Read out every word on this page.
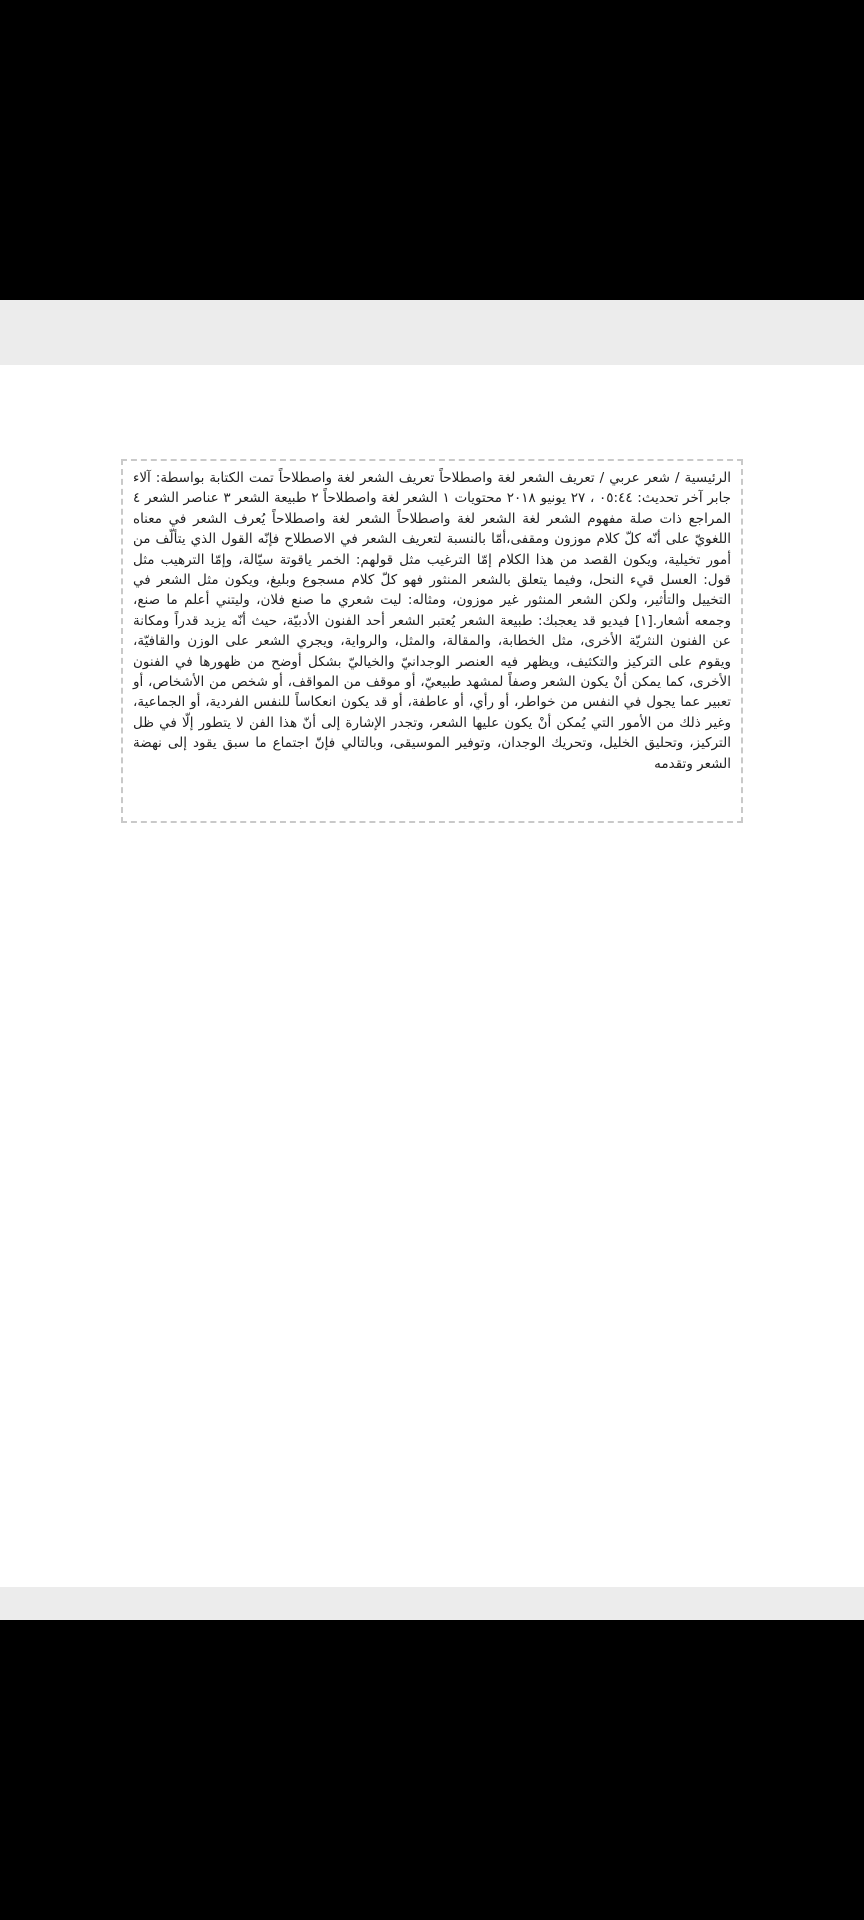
الرئيسية / شعر عربي / تعريف الشعر لغة واصطلاحاً تعريف الشعر لغة واصطلاحاً تمت الكتابة بواسطة: آلاء جابر آخر تحديث: ٠٥:٤٤ ، ٢٧ يونيو ٢٠١٨ محتويات ١ الشعر لغة واصطلاحاً ٢ طبيعة الشعر ٣ عناصر الشعر ٤ المراجع ذات صلة مفهوم الشعر لغة الشعر لغة واصطلاحاً الشعر لغة واصطلاحاً يُعرف الشعر في معناه اللغويّ على أنّه كلّ كلام موزون ومقفى،أمّا بالنسبة لتعريف الشعر في الاصطلاح فإنّه القول الذي يتألّف من أمور تخيلية، ويكون القصد من هذا الكلام إمّا الترغيب مثل قولهم: الخمر ياقوتة سيّالة، وإمّا الترهيب مثل قول: العسل قيء النحل، وفيما يتعلق بالشعر المنثور فهو كلّ كلام مسجوع وبليغ، ويكون مثل الشعر في التخييل والتأثير، ولكن الشعر المنثور غير موزون، ومثاله: ليت شعري ما صنع فلان، وليتني أعلم ما صنع، وجمعه أشعار.[١] فيديو قد يعجبك: طبيعة الشعر يُعتبر الشعر أحد الفنون الأدبيّة، حيث أنّه يزيد قدراً ومكانة عن الفنون النثريّة الأخرى، مثل الخطابة، والمقالة، والمثل، والرواية، ويجري الشعر على الوزن والقافيّة، ويقوم على التركيز والتكثيف، ويظهر فيه العنصر الوجدانيّ والخياليّ بشكل أوضح من ظهورها في الفنون الأخرى، كما يمكن أنْ يكون الشعر وصفاً لمشهد طبيعيّ، أو موقف من المواقف، أو شخص من الأشخاص، أو تعبير عما يجول في النفس من خواطر، أو رأي، أو عاطفة، أو قد يكون انعكاساً للنفس الفردية، أو الجماعية، وغير ذلك من الأمور التي يُمكن أنْ يكون عليها الشعر، وتجدر الإشارة إلى أنّ هذا الفن لا يتطور إلّا في ظل التركيز، وتحليق الخليل، وتحريك الوجدان، وتوفير الموسيقى، وبالتالي فإنّ اجتماع ما سبق يقود إلى نهضة الشعر وتقدمه
